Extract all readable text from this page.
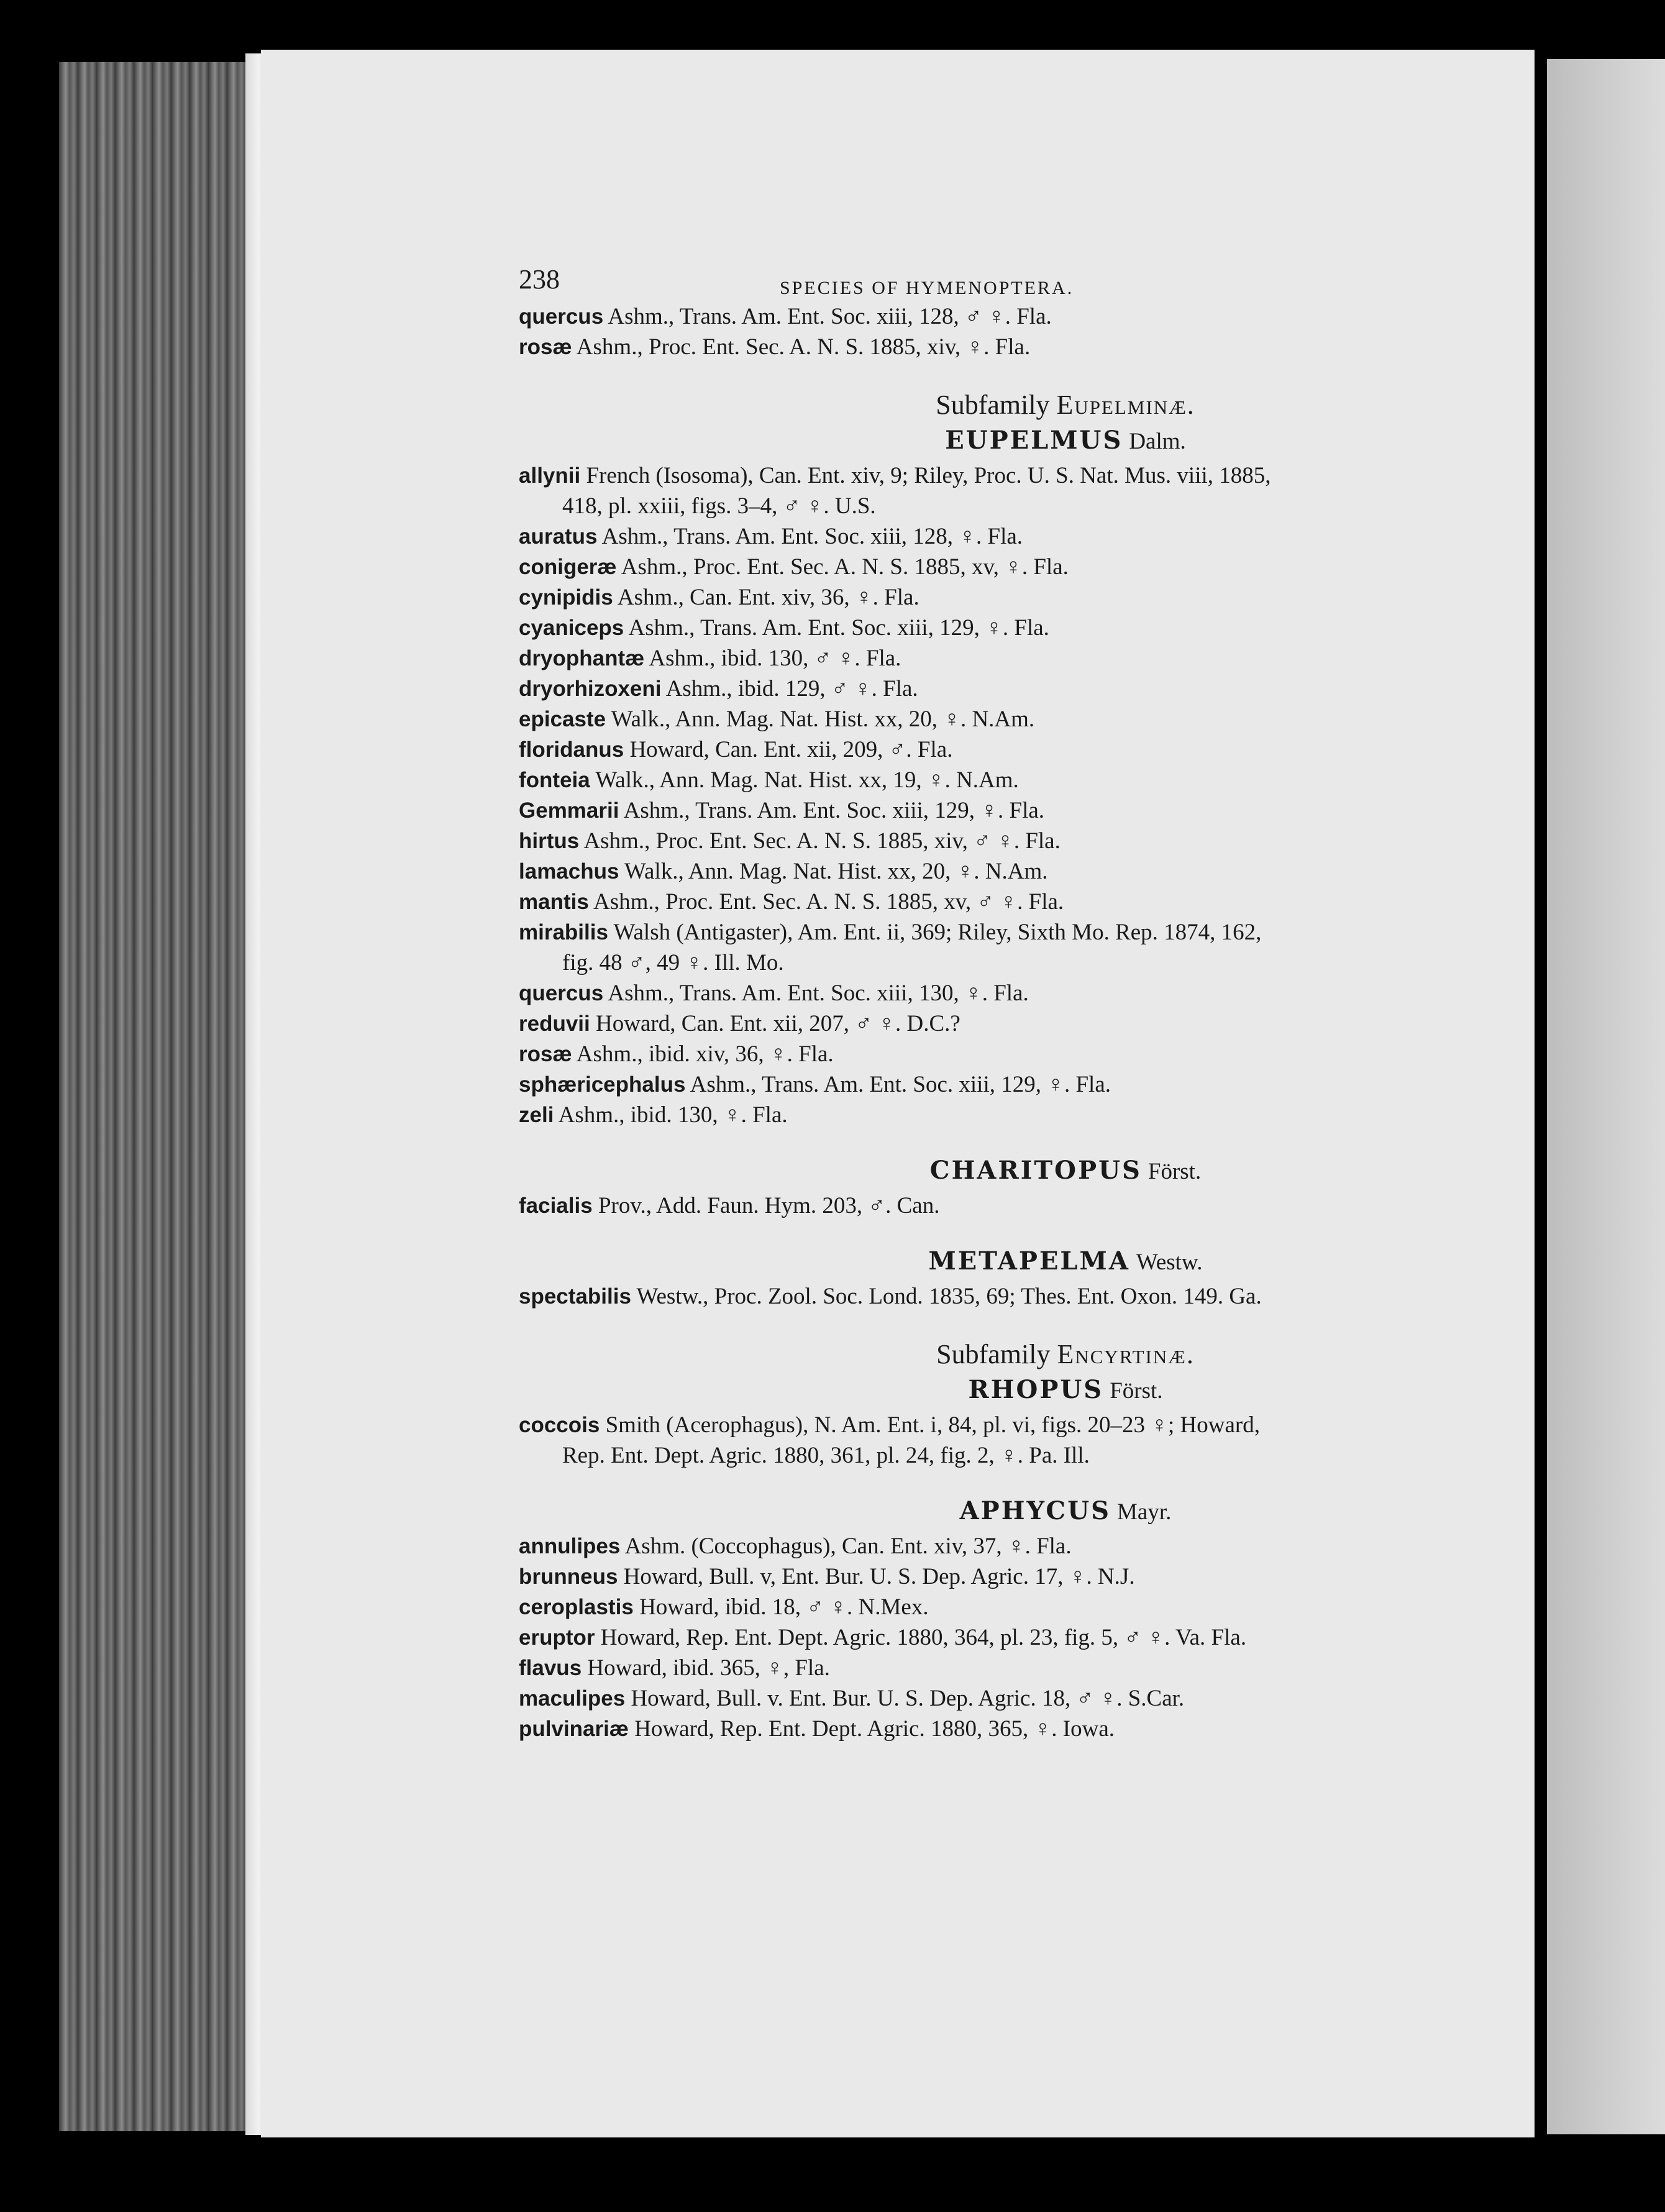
238	SPECIES OF HYMENOPTERA.
quercus Ashm., Trans. Am. Ent. Soc. xiii, 128, ♂ ♀. Fla.
rosæ Ashm., Proc. Ent. Sec. A. N. S. 1885, xiv, ♀. Fla.
Subfamily Eupelminæ.
EUPELMUS Dalm.
allynii French (Isosoma), Can. Ent. xiv, 9; Riley, Proc. U. S. Nat. Mus. viii, 1885,
418, pl. xxiii, figs. 3–4, ♂ ♀. U.S.
auratus Ashm., Trans. Am. Ent. Soc. xiii, 128, ♀. Fla.
conigeræ Ashm., Proc. Ent. Sec. A. N. S. 1885, xv, ♀. Fla.
cynipidis Ashm., Can. Ent. xiv, 36, ♀. Fla.
cyaniceps Ashm., Trans. Am. Ent. Soc. xiii, 129, ♀. Fla.
dryophantæ Ashm., ibid. 130, ♂ ♀. Fla.
dryorhizoxeni Ashm., ibid. 129, ♂ ♀. Fla.
epicaste Walk., Ann. Mag. Nat. Hist. xx, 20, ♀. N.Am.
floridanus Howard, Can. Ent. xii, 209, ♂. Fla.
fonteia Walk., Ann. Mag. Nat. Hist. xx, 19, ♀. N.Am.
Gemmarii Ashm., Trans. Am. Ent. Soc. xiii, 129, ♀. Fla.
hirtus Ashm., Proc. Ent. Sec. A. N. S. 1885, xiv, ♂ ♀. Fla.
lamachus Walk., Ann. Mag. Nat. Hist. xx, 20, ♀. N.Am.
mantis Ashm., Proc. Ent. Sec. A. N. S. 1885, xv, ♂ ♀. Fla.
mirabilis Walsh (Antigaster), Am. Ent. ii, 369; Riley, Sixth Mo. Rep. 1874, 162,
fig. 48 ♂, 49 ♀. Ill. Mo.
quercus Ashm., Trans. Am. Ent. Soc. xiii, 130, ♀. Fla.
reduvii Howard, Can. Ent. xii, 207, ♂ ♀. D.C.?
rosæ Ashm., ibid. xiv, 36, ♀. Fla.
sphæricephalus Ashm., Trans. Am. Ent. Soc. xiii, 129, ♀. Fla.
zeli Ashm., ibid. 130, ♀. Fla.
CHARITOPUS Först.
facialis Prov., Add. Faun. Hym. 203, ♂. Can.
METAPELMA Westw.
spectabilis Westw., Proc. Zool. Soc. Lond. 1835, 69; Thes. Ent. Oxon. 149. Ga.
Subfamily Encyrtinæ.
RHOPUS Först.
coccois Smith (Acerophagus), N. Am. Ent. i, 84, pl. vi, figs. 20–23 ♀; Howard,
Rep. Ent. Dept. Agric. 1880, 361, pl. 24, fig. 2, ♀. Pa. Ill.
APHYCUS Mayr.
annulipes Ashm. (Coccophagus), Can. Ent. xiv, 37, ♀. Fla.
brunneus Howard, Bull. v, Ent. Bur. U. S. Dep. Agric. 17, ♀. N.J.
ceroplastis Howard, ibid. 18, ♂ ♀. N.Mex.
eruptor Howard, Rep. Ent. Dept. Agric. 1880, 364, pl. 23, fig. 5, ♂ ♀. Va. Fla.
flavus Howard, ibid. 365, ♀, Fla.
maculipes Howard, Bull. v. Ent. Bur. U. S. Dep. Agric. 18, ♂ ♀. S.Car.
pulvinariæ Howard, Rep. Ent. Dept. Agric. 1880, 365, ♀. Iowa.
